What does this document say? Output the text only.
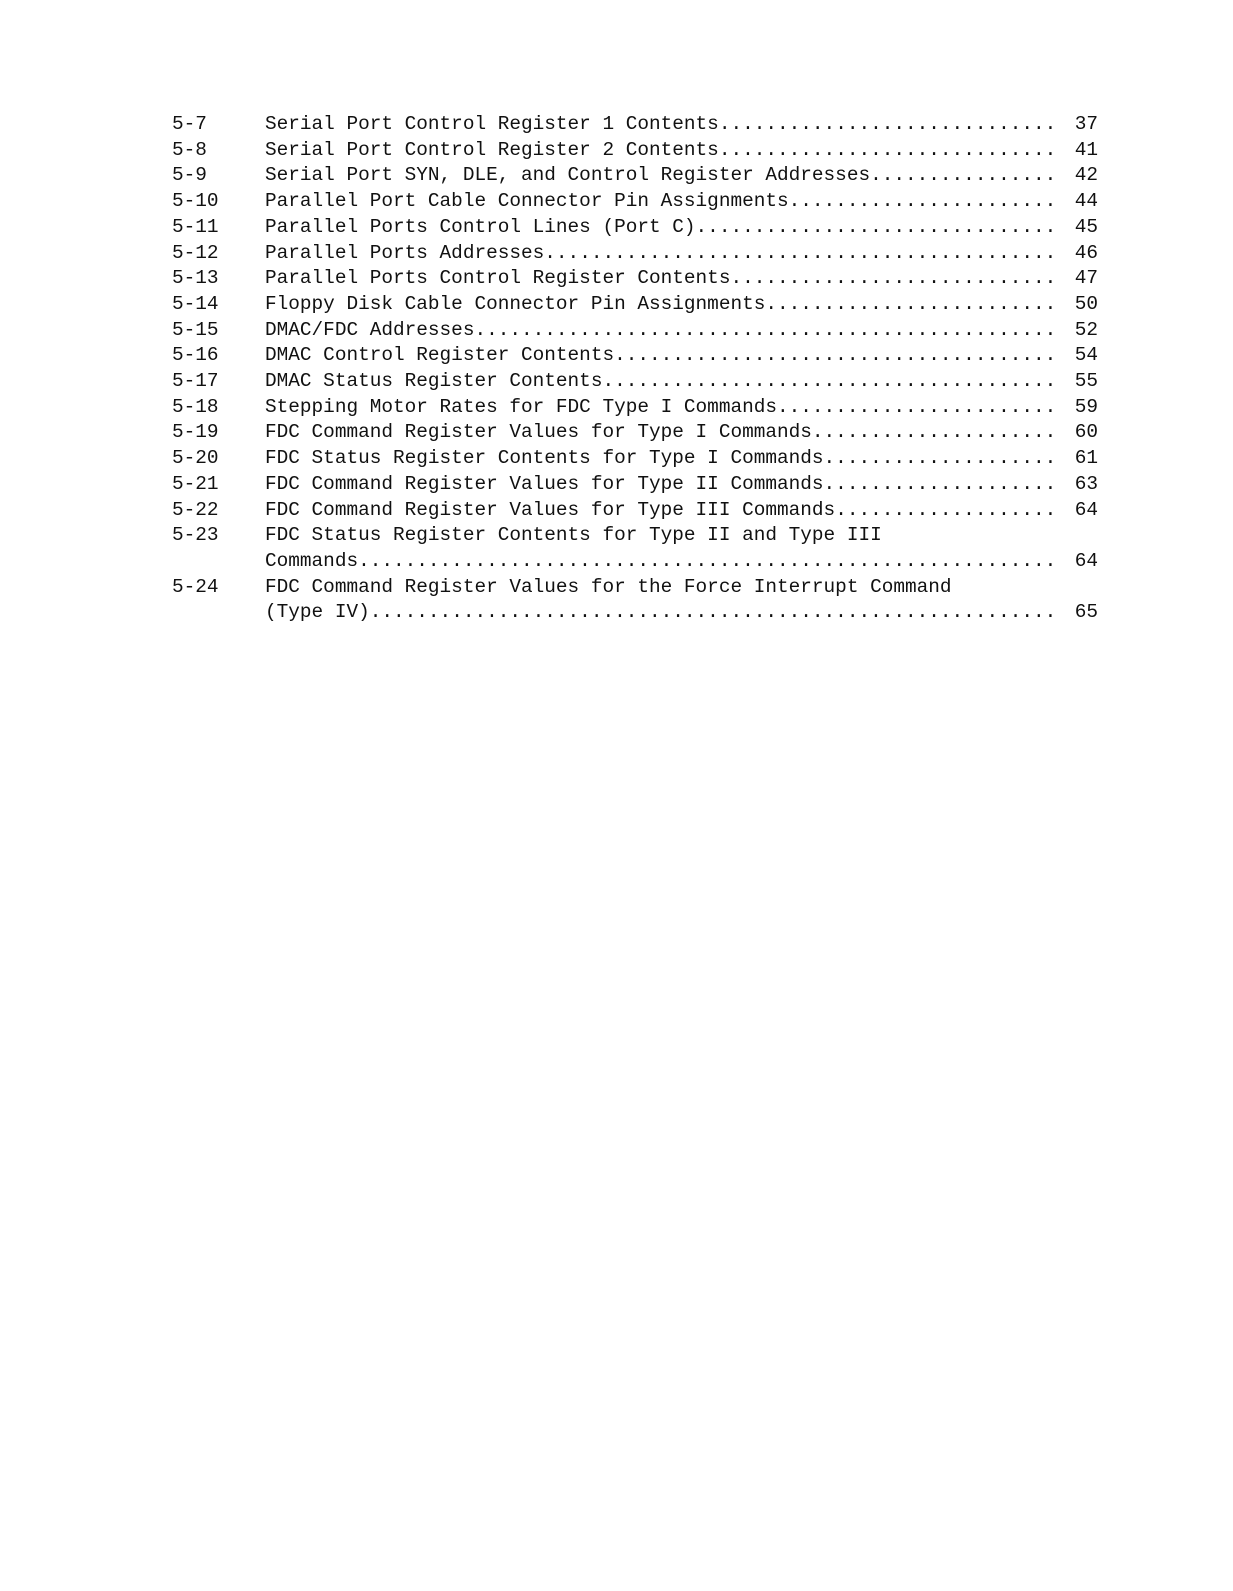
5-7	Serial Port Control Register 1 Contents .....	37
5-8	Serial Port Control Register 2 Contents .....	41
5-9	Serial Port SYN, DLE, and Control Register Addresses .....	42
5-10	Parallel Port Cable Connector Pin Assignments .....	44
5-11	Parallel Ports Control Lines (Port C) .....	45
5-12	Parallel Ports Addresses .....	46
5-13	Parallel Ports Control Register Contents .....	47
5-14	Floppy Disk Cable Connector Pin Assignments .....	50
5-15	DMAC/FDC Addresses .....	52
5-16	DMAC Control Register Contents .....	54
5-17	DMAC Status Register Contents .....	55
5-18	Stepping Motor Rates for FDC Type I Commands .....	59
5-19	FDC Command Register Values for Type I Commands .....	60
5-20	FDC Status Register Contents for Type I Commands .....	61
5-21	FDC Command Register Values for Type II Commands .....	63
5-22	FDC Command Register Values for Type III Commands .....	64
5-23	FDC Status Register Contents for Type II and Type III
Commands .....	64
5-24	FDC Command Register Values for the Force Interrupt Command
(Type IV) .....	65
